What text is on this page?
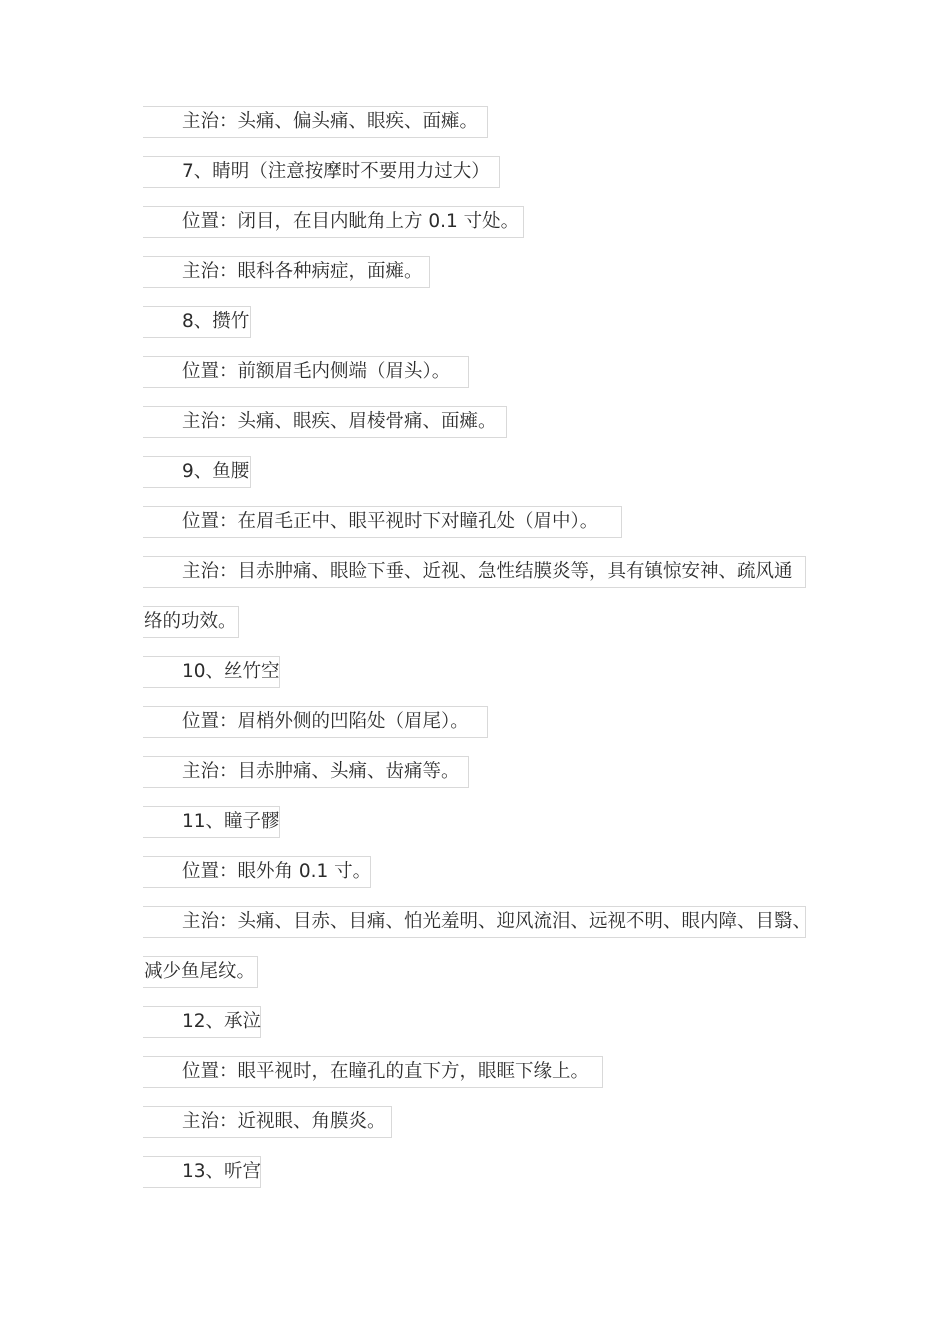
主治：头痛、偏头痛、眼疾、面瘫。
7、睛明（注意按摩时不要用力过大）
位置：闭目，在目内眦角上方 0.1 寸处。
主治：眼科各种病症，面瘫。
8、攒竹
位置：前额眉毛内侧端（眉头）。
主治：头痛、眼疾、眉棱骨痛、面瘫。
9、鱼腰
位置：在眉毛正中、眼平视时下对瞳孔处（眉中）。
主治：目赤肿痛、眼睑下垂、近视、急性结膜炎等，具有镇惊安神、疏风通
络的功效。
10、丝竹空
位置：眉梢外侧的凹陷处（眉尾）。
主治：目赤肿痛、头痛、齿痛等。
11、瞳子髎
位置：眼外角 0.1 寸。
主治：头痛、目赤、目痛、怕光羞明、迎风流泪、远视不明、眼内障、目翳、
减少鱼尾纹。
12、承泣
位置：眼平视时，在瞳孔的直下方，眼眶下缘上。
主治：近视眼、角膜炎。
13、听宫
